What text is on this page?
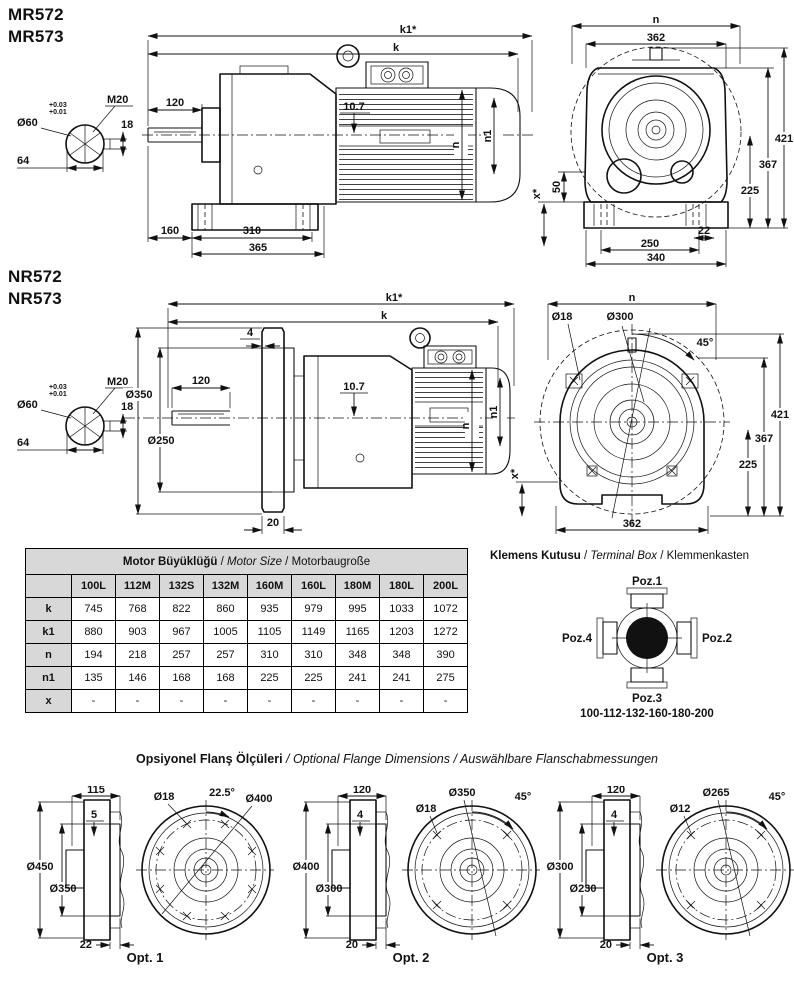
MR572
MR573
Ø60
+0.03
+0.01
M20
18
64
k1*
k
120
n
n1
10.7
160	310
365
n
362
421
367
225
50
x*
22
250
340
NR572
NR573
Ø60
+0.03
+0.01
M20
18
64
k1*
k
Ø350
Ø250
120
4
10.7
n
n1
20
n
45°
Ø18	Ø300
421
367
225
x*
362
Motor Büyüklüğü / Motor Size / Motorbaugroße									
	100L	112M	132S	132M	160M	160L	180M	180L	200L
k	745	768	822	860	935	979	995	1033	1072
k1	880	903	967	1005	1105	1149	1165	1203	1272
n	194	218	257	257	310	310	348	348	390
n1	135	146	168	168	225	225	241	241	275
x	-	-	-	-	-	-	-	-	-
Klemens Kutusu / Terminal Box / Klemmenkasten
Poz.1
Poz.2
Poz.3
Poz.4
100-112-132-160-180-200
Opsiyonel Flanş Ölçüleri / Optional Flange Dimensions / Auswählbare Flanschabmessungen
115
Ø450
Ø350
5
22
22.5°
Ø18	Ø400
120
Ø400
Ø300
4
20
45°
Ø350
Ø18
120
Ø300
Ø230
4
20
45°
Ø265
Ø12
Opt. 1	Opt. 2	Opt. 3
